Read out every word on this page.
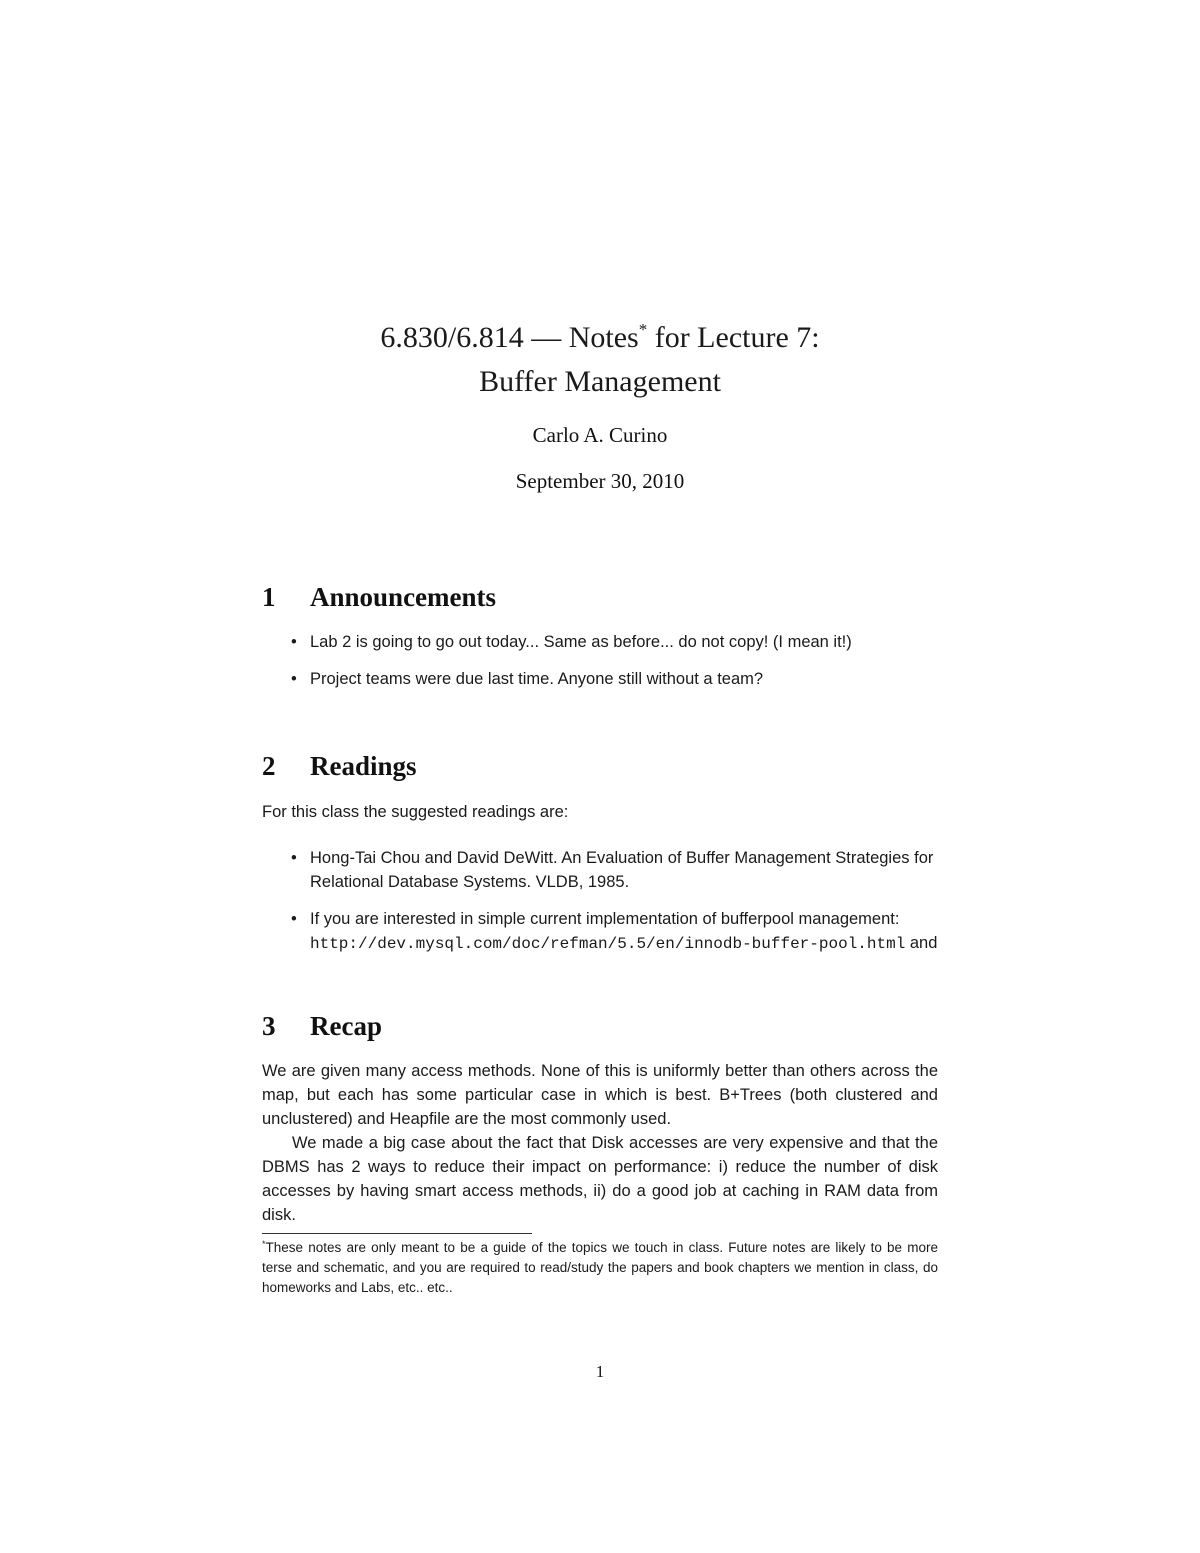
6.830/6.814 — Notes* for Lecture 7:
Buffer Management
Carlo A. Curino
September 30, 2010
1 Announcements
• Lab 2 is going to go out today... Same as before... do not copy! (I mean it!)
• Project teams were due last time. Anyone still without a team?
2 Readings

For this class the suggested readings are:

• Hong-Tai Chou and David DeWitt. An Evaluation of Buffer Management Strategies for Relational Database Systems. VLDB, 1985.
• If you are interested in simple current implementation of bufferpool management: http://dev.mysql.com/doc/refman/5.5/en/innodb-buffer-pool.html and
3 Recap

We are given many access methods. None of this is uniformly better than others across the map, but each has some particular case in which is best. B+Trees (both clustered and unclustered) and Heapfile are the most commonly used.

We made a big case about the fact that Disk accesses are very expensive and that the DBMS has 2 ways to reduce their impact on performance: i) reduce the number of disk accesses by having smart access methods, ii) do a good job at caching in RAM data from disk.

*These notes are only meant to be a guide of the topics we touch in class. Future notes are likely to be more terse and schematic, and you are required to read/study the papers and book chapters we mention in class, do homeworks and Labs, etc.. etc..
1
